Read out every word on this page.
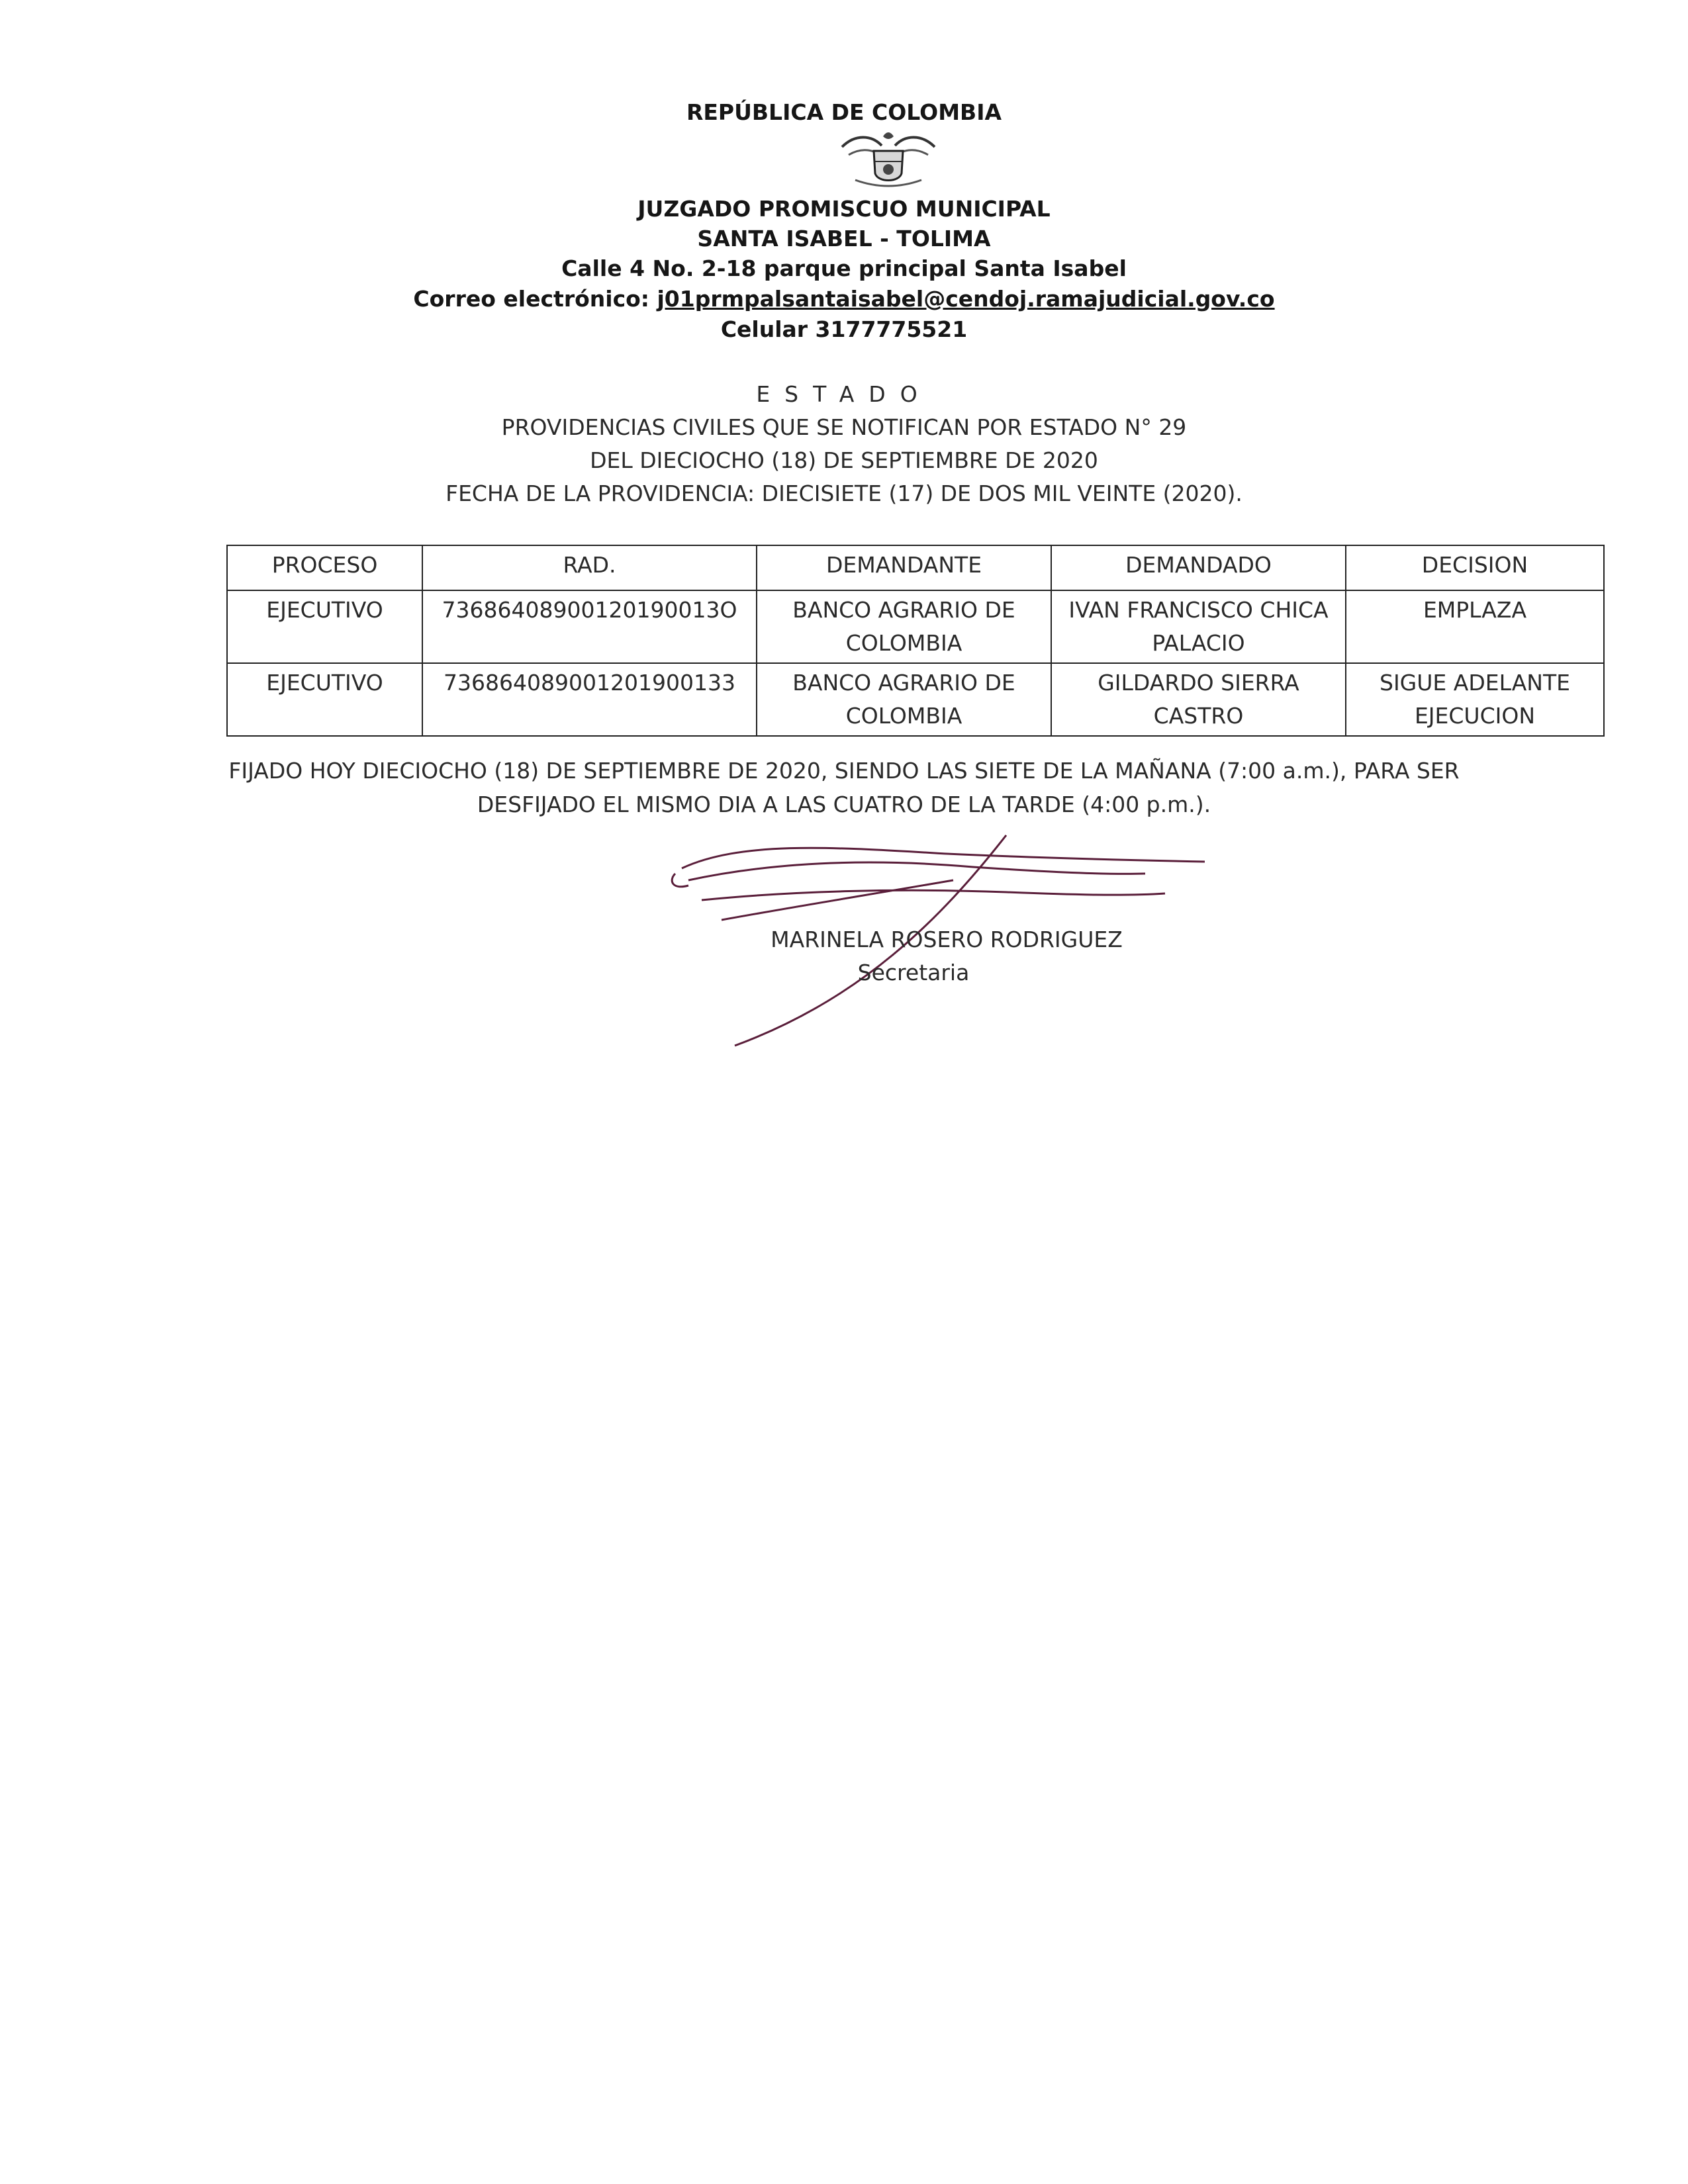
REPÚBLICA DE COLOMBIA
JUZGADO PROMISCUO MUNICIPAL
SANTA ISABEL - TOLIMA
Calle 4 No. 2-18 parque principal Santa Isabel
Correo electrónico: j01prmpalsantaisabel@cendoj.ramajudicial.gov.co
Celular 3177775521
ESTADO
PROVIDENCIAS CIVILES QUE SE NOTIFICAN POR ESTADO N° 29
DEL DIECIOCHO (18) DE SEPTIEMBRE DE 2020
FECHA DE LA PROVIDENCIA: DIECISIETE (17) DE DOS MIL VEINTE (2020).
PROCESO	RAD.	DEMANDANTE	DEMANDADO	DECISION
EJECUTIVO	73686408900120190013O	BANCO AGRARIO DE COLOMBIA	IVAN FRANCISCO CHICA PALACIO	EMPLAZA
EJECUTIVO	736864089001201900133	BANCO AGRARIO DE COLOMBIA	GILDARDO SIERRA CASTRO	SIGUE ADELANTE EJECUCION
FIJADO HOY DIECIOCHO (18) DE SEPTIEMBRE DE 2020, SIENDO LAS SIETE DE LA MAÑANA (7:00 a.m.), PARA SER
DESFIJADO EL MISMO DIA A LAS CUATRO DE LA TARDE (4:00 p.m.).
MARINELA ROSERO RODRIGUEZ
Secretaria
